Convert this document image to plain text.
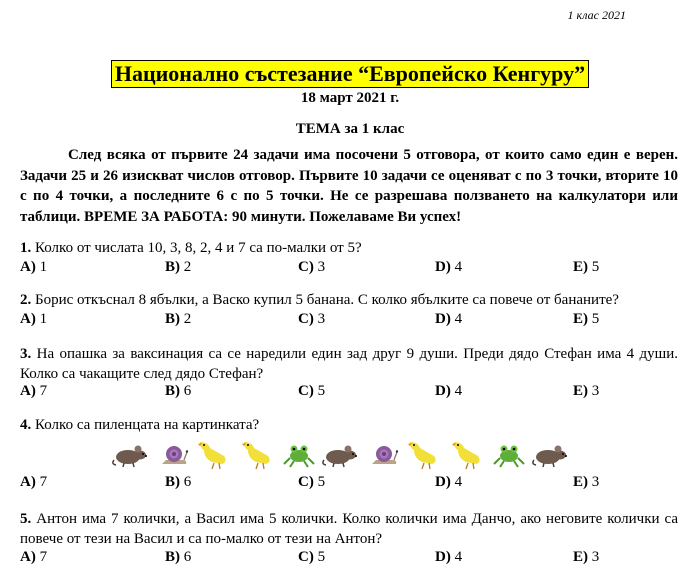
1 клас 2021
Национално състезание “Европейско Кенгуру”
18 март 2021 г.
ТЕМА за 1 клас
След всяка от първите 24 задачи има посочени 5 отговора, от които само един е верен. Задачи 25 и 26 изискват числов отговор. Първите 10 задачи се оценяват с по 3 точки, вторите 10 с по 4 точки, а последните 6 с по 5 точки. Не се разрешава ползването на калкулатори или таблици. ВРЕМЕ ЗА РАБОТА: 90 минути. Пожелаваме Ви успех!
1. Колко от числата 10, 3, 8, 2, 4 и 7 са по-малки от 5?
A) 1	B) 2	C) 3	D) 4	E) 5
2. Борис откъснал 8 ябълки, а Васко купил 5 банана. С колко ябълките са повече от бананите?
A) 1	B) 2	C) 3	D) 4	E) 5
3. На опашка за ваксинация са се наредили един зад друг 9 души. Преди дядо Стефан има 4 души. Колко са чакащите след дядо Стефан?
A) 7	B) 6	C) 5	D) 4	E) 3
4. Колко са пиленцата на картинката?
A) 7	B) 6	C) 5	D) 4	E) 3
5. Антон има 7 колички, а Васил има 5 колички. Колко колички има Данчо, ако неговите колички са повече от тези на Васил и са по-малко от тези на Антон?
A) 7	B) 6	C) 5	D) 4	E) 3
